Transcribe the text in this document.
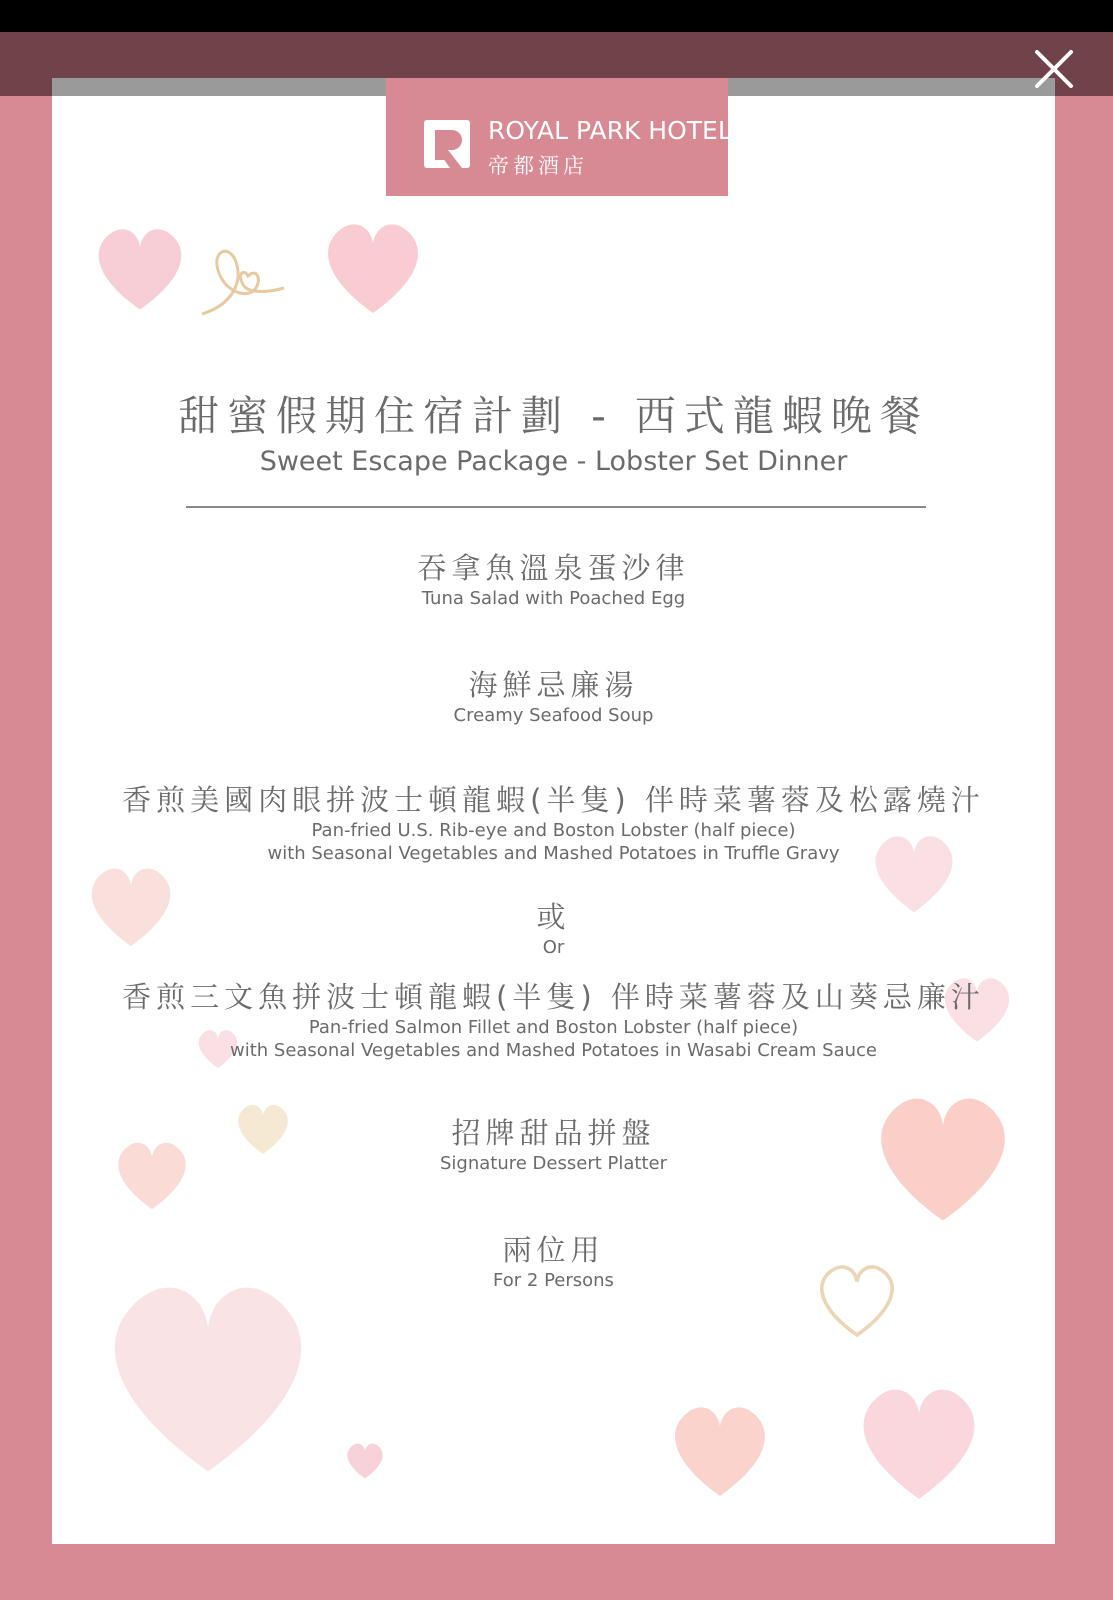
ROYAL PARK HOTEL
帝都酒店
甜蜜假期住宿計劃 - 西式龍蝦晚餐
Sweet Escape Package - Lobster Set Dinner
吞拿魚溫泉蛋沙律
Tuna Salad with Poached Egg
海鮮忌廉湯
Creamy Seafood Soup
香煎美國肉眼拼波士頓龍蝦(半隻) 伴時菜薯蓉及松露燒汁
Pan-fried U.S. Rib-eye and Boston Lobster (half piece)
with Seasonal Vegetables and Mashed Potatoes in Truffle Gravy
或
Or
香煎三文魚拼波士頓龍蝦(半隻) 伴時菜薯蓉及山葵忌廉汁
Pan-fried Salmon Fillet and Boston Lobster (half piece)
with Seasonal Vegetables and Mashed Potatoes in Wasabi Cream Sauce
招牌甜品拼盤
Signature Dessert Platter
兩位用
For 2 Persons
